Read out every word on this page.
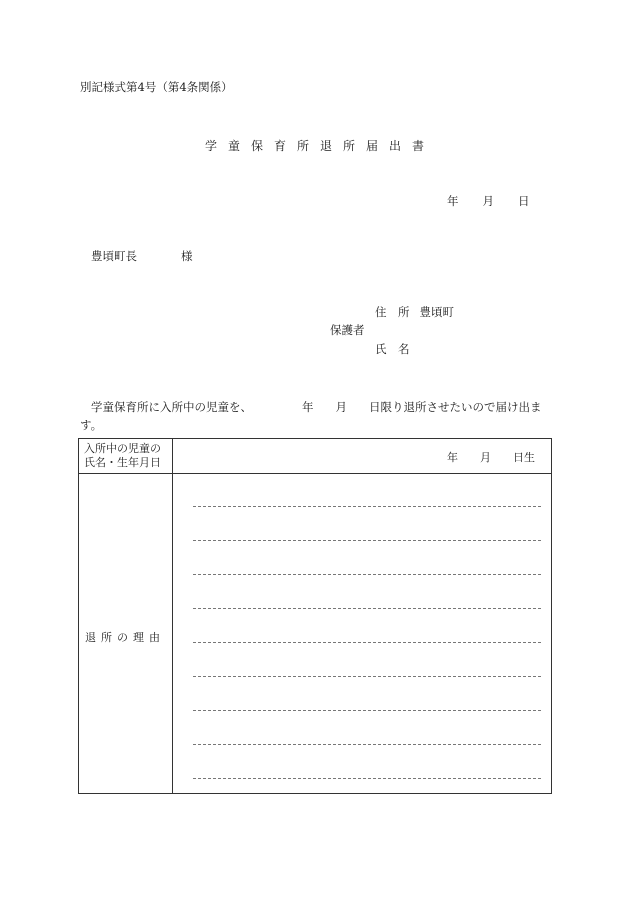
別記様式第4号（第4条関係）
学童保育所退所届出書
年 月 日
豊頃町長	様
住　所 豊頃町
保護者
氏　名
学童保育所に入所中の児童を、	年 月 日限り退所させたいので届け出ます。
入所中の児童の
氏名・生年月日	年　　月　　日生
退所の理由
